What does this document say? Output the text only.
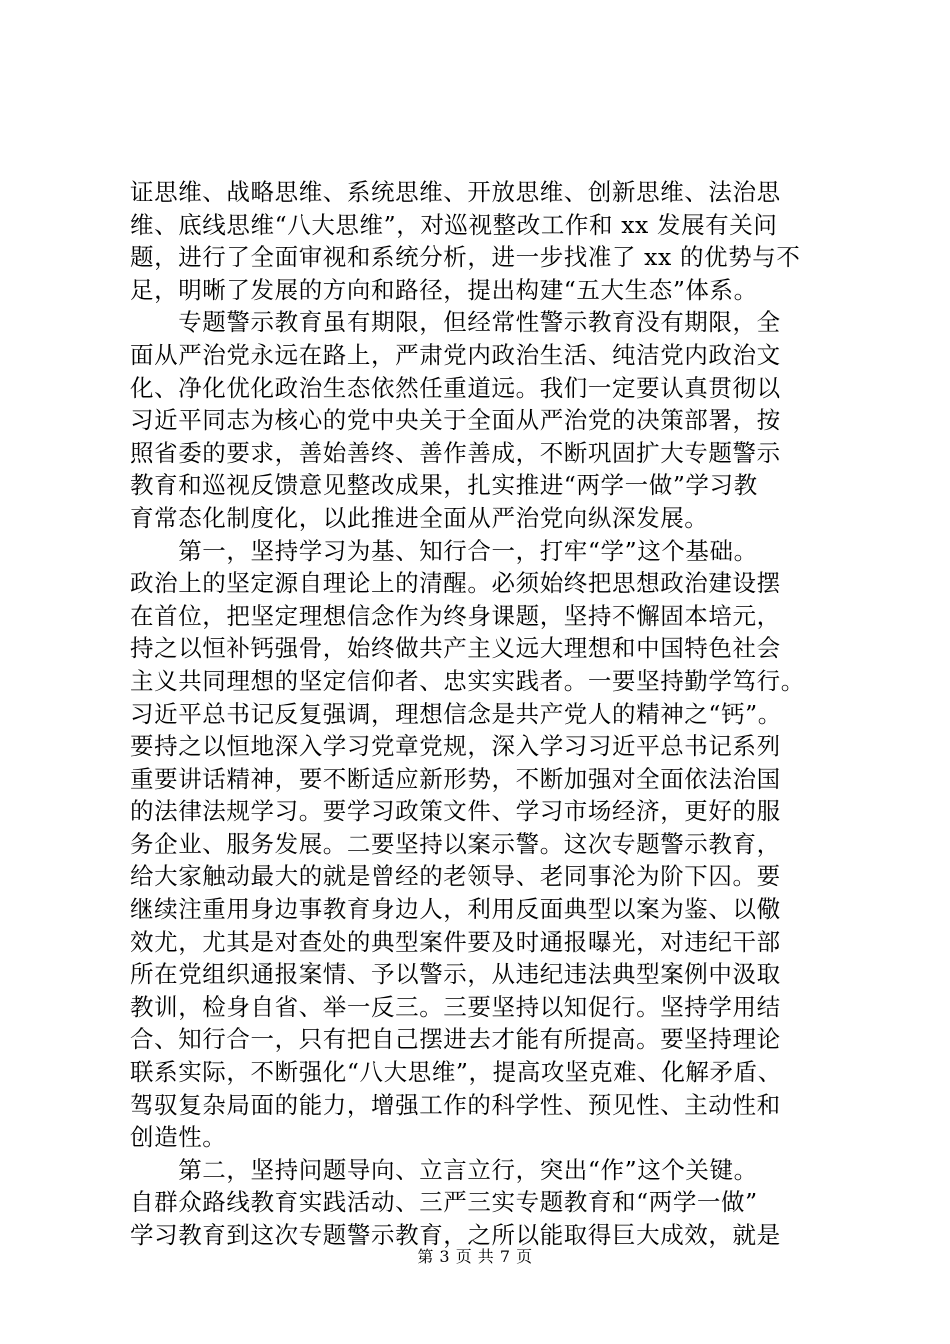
证思维、战略思维、系统思维、开放思维、创新思维、法治思
维、底线思维“八大思维”，对巡视整改工作和 xx 发展有关问
题，进行了全面审视和系统分析，进一步找准了 xx 的优势与不
足，明晰了发展的方向和路径，提出构建“五大生态”体系。
　　专题警示教育虽有期限，但经常性警示教育没有期限，全
面从严治党永远在路上，严肃党内政治生活、纯洁党内政治文
化、净化优化政治生态依然任重道远。我们一定要认真贯彻以
习近平同志为核心的党中央关于全面从严治党的决策部署，按
照省委的要求，善始善终、善作善成，不断巩固扩大专题警示
教育和巡视反馈意见整改成果，扎实推进“两学一做”学习教
育常态化制度化，以此推进全面从严治党向纵深发展。
　　第一，坚持学习为基、知行合一，打牢“学”这个基础。
政治上的坚定源自理论上的清醒。必须始终把思想政治建设摆
在首位，把坚定理想信念作为终身课题，坚持不懈固本培元，
持之以恒补钙强骨，始终做共产主义远大理想和中国特色社会
主义共同理想的坚定信仰者、忠实实践者。一要坚持勤学笃行。
习近平总书记反复强调，理想信念是共产党人的精神之“钙”。
要持之以恒地深入学习党章党规，深入学习习近平总书记系列
重要讲话精神，要不断适应新形势，不断加强对全面依法治国
的法律法规学习。要学习政策文件、学习市场经济，更好的服
务企业、服务发展。二要坚持以案示警。这次专题警示教育，
给大家触动最大的就是曾经的老领导、老同事沦为阶下囚。要
继续注重用身边事教育身边人，利用反面典型以案为鉴、以儆
效尤，尤其是对查处的典型案件要及时通报曝光，对违纪干部
所在党组织通报案情、予以警示，从违纪违法典型案例中汲取
教训，检身自省、举一反三。三要坚持以知促行。坚持学用结
合、知行合一，只有把自己摆进去才能有所提高。要坚持理论
联系实际，不断强化“八大思维”，提高攻坚克难、化解矛盾、
驾驭复杂局面的能力，增强工作的科学性、预见性、主动性和
创造性。
　　第二，坚持问题导向、立言立行，突出“作”这个关键。
自群众路线教育实践活动、三严三实专题教育和“两学一做”
学习教育到这次专题警示教育，之所以能取得巨大成效，就是
第 3 页 共 7 页
